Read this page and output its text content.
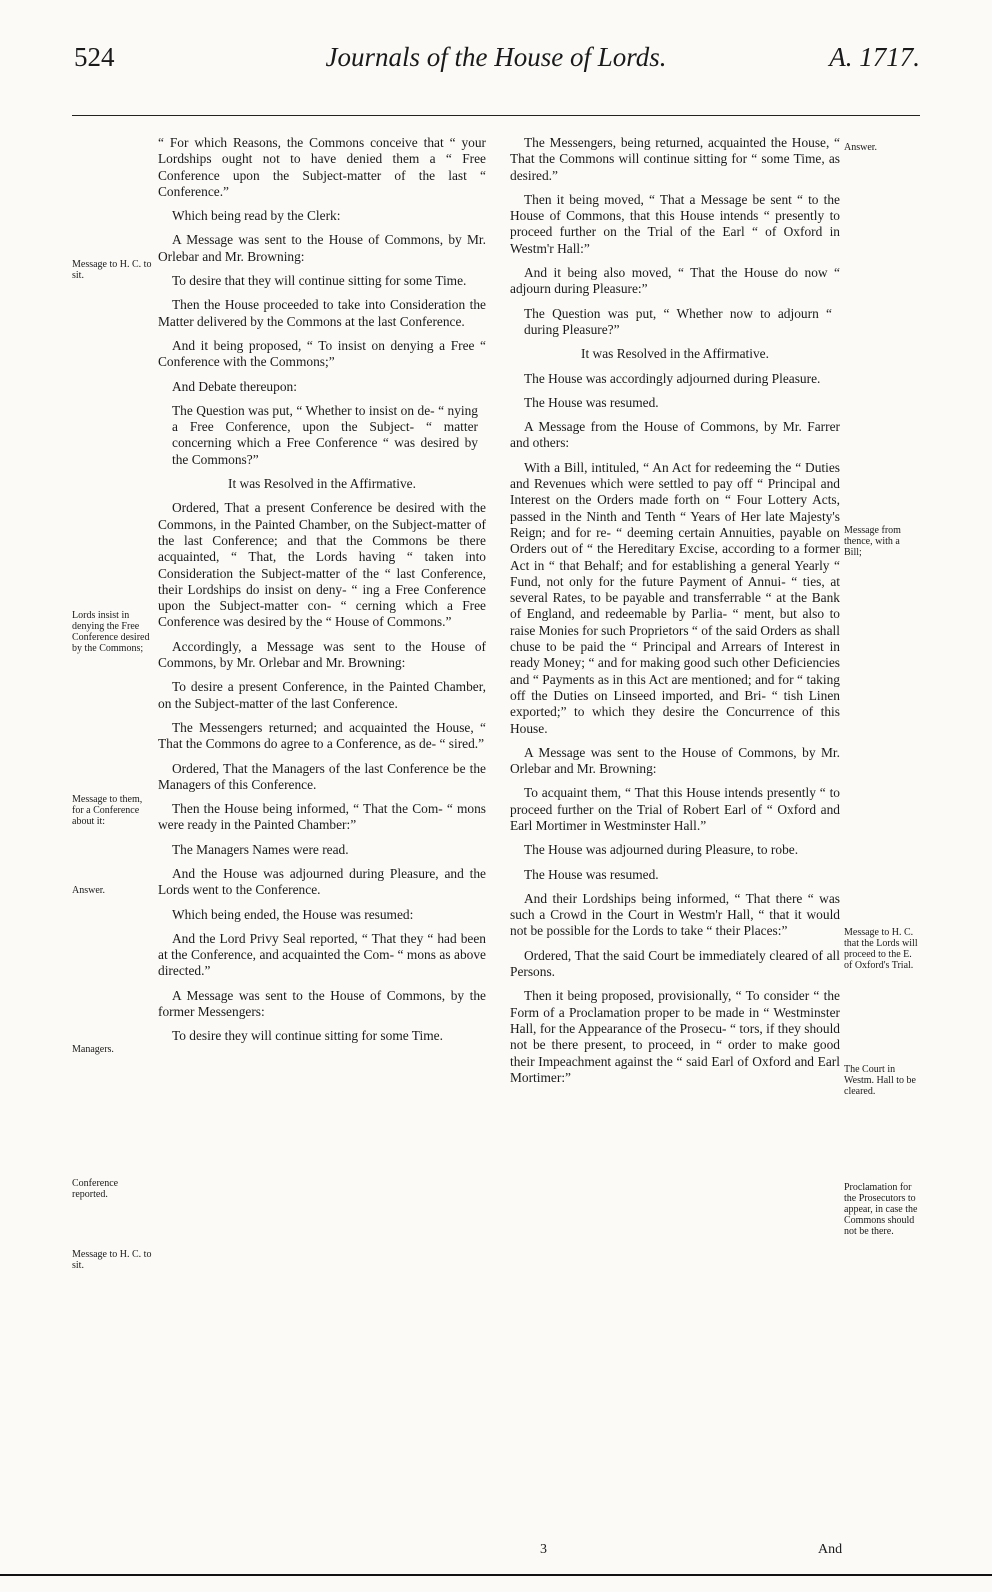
524	Journals of the House of Lords.	A. 1717.

“ For which Reasons, the Commons conceive that “ your Lordships ought not to have denied them a “ Free Conference upon the Subject-matter of the last “ Conference.”

Which being read by the Clerk:

A Message was sent to the House of Commons, by Mr. Orlebar and Mr. Browning:

To desire that they will continue sitting for some Time.

Then the House proceeded to take into Consideration the Matter delivered by the Commons at the last Conference.

And it being proposed, “ To insist on denying a Free “ Conference with the Commons;”

And Debate thereupon:

The Question was put, “ Whether to insist on de- “ nying a Free Conference, upon the Subject- “ matter concerning which a Free Conference “ was desired by the Commons?”

It was Resolved in the Affirmative.

Ordered, That a present Conference be desired with the Commons, in the Painted Chamber, on the Subject-matter of the last Conference; and that the Commons be there acquainted, “ That, the Lords having “ taken into Consideration the Subject-matter of the “ last Conference, their Lordships do insist on deny- “ ing a Free Conference upon the Subject-matter con- “ cerning which a Free Conference was desired by the “ House of Commons.”

Accordingly, a Message was sent to the House of Commons, by Mr. Orlebar and Mr. Browning:

To desire a present Conference, in the Painted Chamber, on the Subject-matter of the last Conference.

The Messengers returned; and acquainted the House, “ That the Commons do agree to a Conference, as de- “ sired.”

Ordered, That the Managers of the last Conference be the Managers of this Conference.

Then the House being informed, “ That the Com- “ mons were ready in the Painted Chamber:”

The Managers Names were read.

And the House was adjourned during Pleasure, and the Lords went to the Conference.

Which being ended, the House was resumed:

And the Lord Privy Seal reported, “ That they “ had been at the Conference, and acquainted the Com- “ mons as above directed.”

A Message was sent to the House of Commons, by the former Messengers:

To desire they will continue sitting for some Time.

The Messengers, being returned, acquainted the House, “ That the Commons will continue sitting for “ some Time, as desired.”

Then it being moved, “ That a Message be sent “ to the House of Commons, that this House intends “ presently to proceed further on the Trial of the Earl “ of Oxford in Westm'r Hall:”

And it being also moved, “ That the House do now “ adjourn during Pleasure:”

The Question was put, “ Whether now to adjourn “ during Pleasure?”

It was Resolved in the Affirmative.

The House was accordingly adjourned during Pleasure.

The House was resumed.

A Message from the House of Commons, by Mr. Farrer and others:

With a Bill, intituled, “ An Act for redeeming the “ Duties and Revenues which were settled to pay off “ Principal and Interest on the Orders made forth on “ Four Lottery Acts, passed in the Ninth and Tenth “ Years of Her late Majesty's Reign; and for re- “ deeming certain Annuities, payable on Orders out of “ the Hereditary Excise, according to a former Act in “ that Behalf; and for establishing a general Yearly “ Fund, not only for the future Payment of Annui- “ ties, at several Rates, to be payable and transferrable “ at the Bank of England, and redeemable by Parlia- “ ment, but also to raise Monies for such Proprietors “ of the said Orders as shall chuse to be paid the “ Principal and Arrears of Interest in ready Money; “ and for making good such other Deficiencies and “ Payments as in this Act are mentioned; and for “ taking off the Duties on Linseed imported, and Bri- “ tish Linen exported;” to which they desire the Concurrence of this House.

A Message was sent to the House of Commons, by Mr. Orlebar and Mr. Browning:

To acquaint them, “ That this House intends presently “ to proceed further on the Trial of Robert Earl of “ Oxford and Earl Mortimer in Westminster Hall.”

The House was adjourned during Pleasure, to robe.

The House was resumed.

And their Lordships being informed, “ That there “ was such a Crowd in the Court in Westm'r Hall, “ that it would not be possible for the Lords to take “ their Places:”

Ordered, That the said Court be immediately cleared of all Persons.

Then it being proposed, provisionally, “ To consider “ the Form of a Proclamation proper to be made in “ Westminster Hall, for the Appearance of the Prosecu- “ tors, if they should not be there present, to proceed, in “ order to make good their Impeachment against the “ said Earl of Oxford and Earl Mortimer:”

Message to H. C. to sit.
Lords insist in denying the Free Conference desired by the Commons;
Message to them, for a Conference about it:
Answer.
Managers.
Conference reported.
Message to H. C. to sit.
Answer.
Message from thence, with a Bill;
Message to H. C. that the Lords will proceed to the E. of Oxford's Trial.
The Court in Westm. Hall to be cleared.
Proclamation for the Prosecutors to appear, in case the Commons should not be there.
3	And
